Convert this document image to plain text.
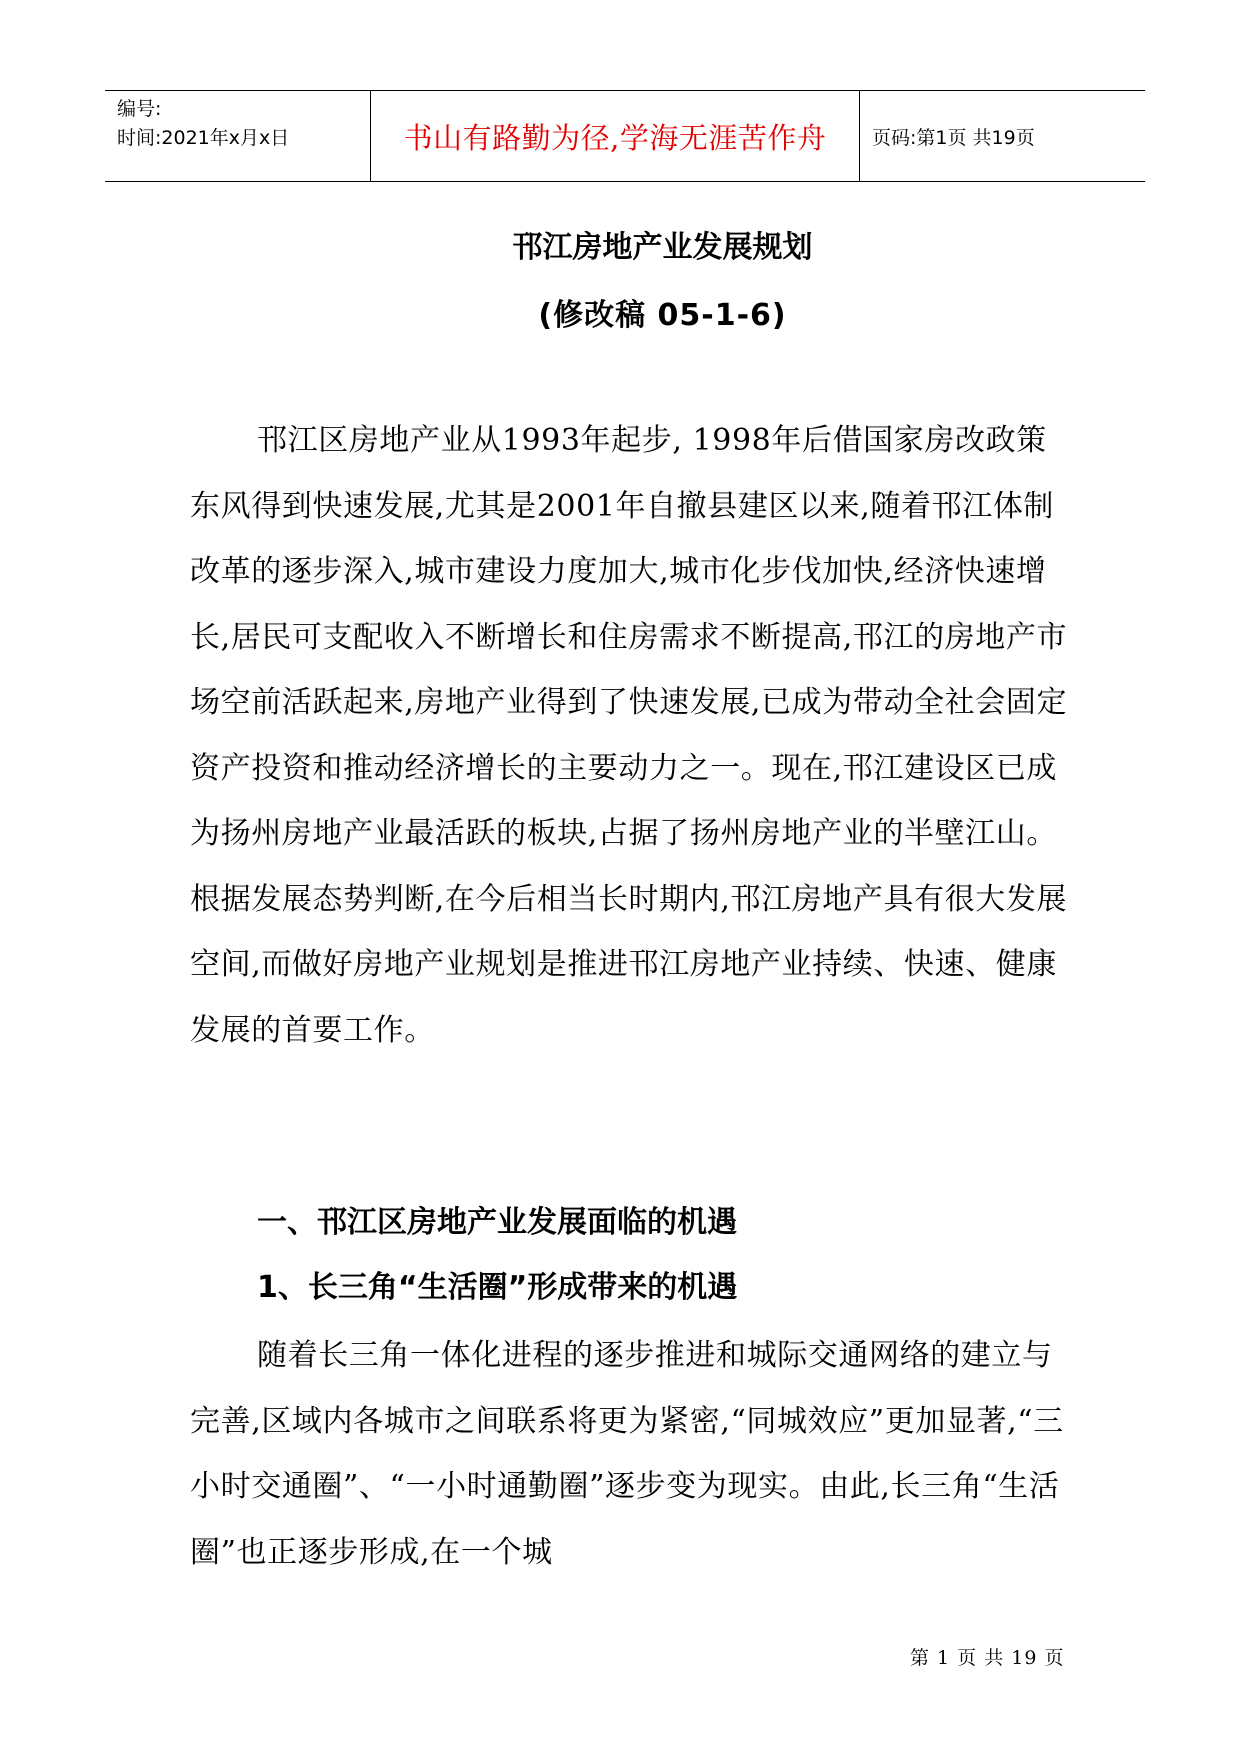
编号:
时间:2021年x月x日	书山有路勤为径,学海无涯苦作舟 页码:第1页 共19页
邗江房地产业发展规划
(修改稿 05-1-6)

邗江区房地产业从1993年起步, 1998年后借国家房改政策东风得到快速发展,尤其是2001年自撤县建区以来,随着邗江体制改革的逐步深入,城市建设力度加大,城市化步伐加快,经济快速增长,居民可支配收入不断增长和住房需求不断提高,邗江的房地产市场空前活跃起来,房地产业得到了快速发展,已成为带动全社会固定资产投资和推动经济增长的主要动力之一。现在,邗江建设区已成为扬州房地产业最活跃的板块,占据了扬州房地产业的半壁江山。根据发展态势判断,在今后相当长时期内,邗江房地产具有很大发展空间,而做好房地产业规划是推进邗江房地产业持续、快速、健康发展的首要工作。

一、邗江区房地产业发展面临的机遇
1、长三角“生活圈”形成带来的机遇

随着长三角一体化进程的逐步推进和城际交通网络的建立与完善,区域内各城市之间联系将更为紧密,“同城效应”更加显著,“三小时交通圈”、“一小时通勤圈”逐步变为现实。由此,长三角“生活圈”也正逐步形成,在一个城

第 1 页 共 19 页
